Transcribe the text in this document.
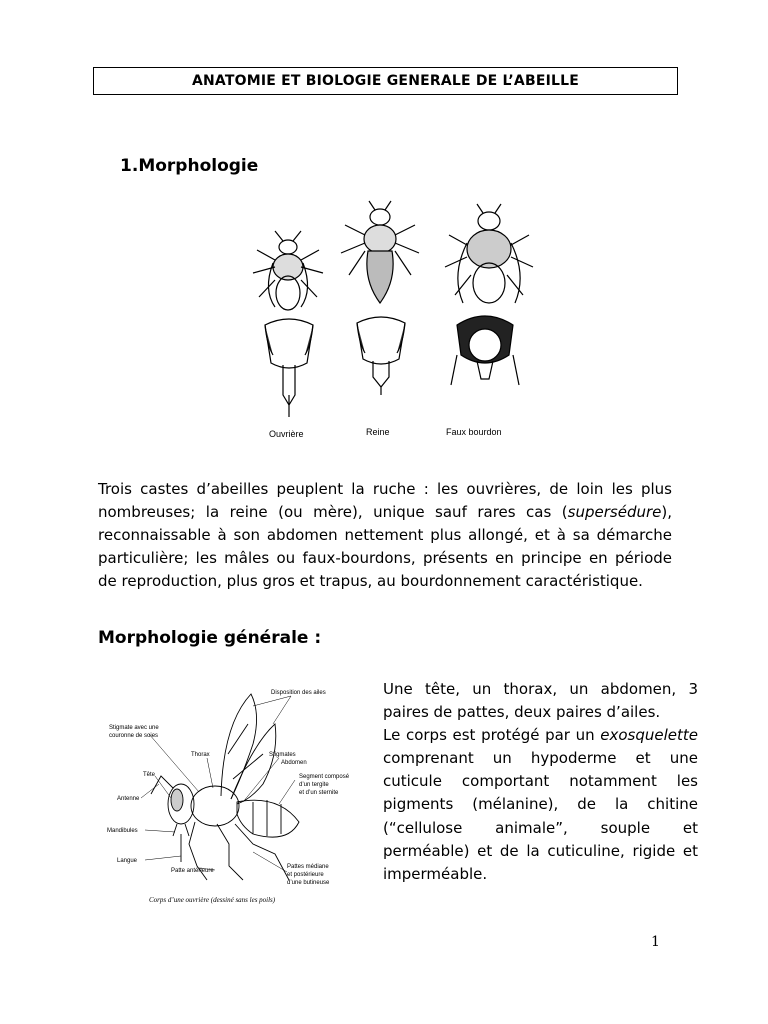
ANATOMIE ET BIOLOGIE GENERALE DE L’ABEILLE
1.Morphologie
Ouvrière	Reine	Faux bourdon
Trois castes d’abeilles peuplent la ruche : les ouvrières, de loin les plus nombreuses; la reine (ou mère), unique sauf rares cas (supersédure), reconnaissable à son abdomen nettement plus allongé, et à sa démarche particulière; les mâles ou faux-bourdons, présents en principe en période de reproduction, plus gros et trapus, au bourdonnement caractéristique.
Morphologie générale :
Disposition des ailes
Stigmate avec une
couronne de soies
Thorax	Stigmates
Abdomen
Tête	Segment composé
d’un tergite
et d’un sternite
Antenne
Mandibules
Langue
Patte antérieure
Pattes médiane
et postérieure
d’une butineuse
Corps d’une ouvrière (dessiné sans les poils)

Une tête, un thorax, un abdomen, 3 paires de pattes, deux paires d’ailes.

Le corps est protégé par un exosquelette comprenant un hypoderme et une cuticule comportant notamment les pigments (mélanine), de la chitine (“cellulose animale”, souple et perméable) et de la cuticuline, rigide et imperméable.

1
